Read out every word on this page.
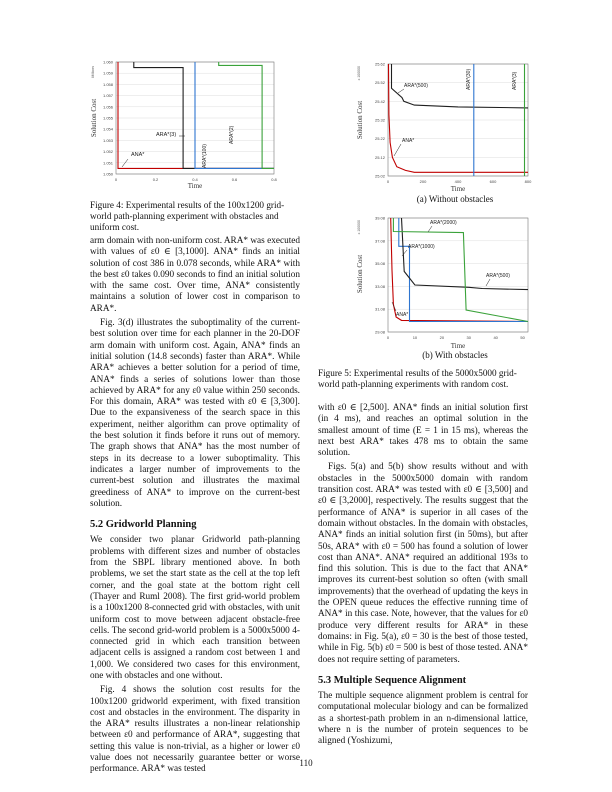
Millions
Solution Cost
Time
ARA*(3)
ANA*	ARA*(100)
ARA*(2)
1.050
1.051
1.052
1.053
1.054
1.055
1.056
1.057
1.058
1.059
1.060
0	0.2	0.4	0.6	0.8
Figure 4: Experimental results of the 100x1200 grid-world path-planning experiment with obstacles and uniform cost.
x 100000
Solution Cost
Time
ARA*(500)
ANA*
ARA*(30)	ARA*(3)
25.02
25.12
25.22
25.32
25.42
25.52
25.62
0	200	400	600	800
(a) Without obstacles
x 100000
Solution Cost
Time
ARA*(2000)
ARA*(1000)
ARA*(500)
ANA*
29.08
31.08
33.08
35.08
37.08
39.08
0	10	20	30	40	50
(b) With obstacles
Figure 5: Experimental results of the 5000x5000 grid-world path-planning experiments with random cost.

arm domain with non-uniform cost. ARA* was executed with values of ε0 ∈ [3,1000]. ANA* finds an initial solution of cost 386 in 0.078 seconds, while ARA* with the best ε0 takes 0.090 seconds to find an initial solution with the same cost. Over time, ANA* consistently maintains a solution of lower cost in comparison to ARA*.

Fig. 3(d) illustrates the suboptimality of the current-best solution over time for each planner in the 20-DOF arm domain with uniform cost. Again, ANA* finds an initial solution (14.8 seconds) faster than ARA*. While ARA* achieves a better solution for a period of time, ANA* finds a series of solutions lower than those achieved by ARA* for any ε0 value within 250 seconds. For this domain, ARA* was tested with ε0 ∈ [3,300]. Due to the expansiveness of the search space in this experiment, neither algorithm can prove optimality of the best solution it finds before it runs out of memory. The graph shows that ANA* has the most number of steps in its decrease to a lower suboptimality. This indicates a larger number of improvements to the current-best solution and illustrates the maximal greediness of ANA* to improve on the current-best solution.

5.2 Gridworld Planning

We consider two planar Gridworld path-planning problems with different sizes and number of obstacles from the SBPL library mentioned above. In both problems, we set the start state as the cell at the top left corner, and the goal state at the bottom right cell (Thayer and Ruml 2008). The first grid-world problem is a 100x1200 8-connected grid with obstacles, with unit uniform cost to move between adjacent obstacle-free cells. The second grid-world problem is a 5000x5000 4-connected grid in which each transition between adjacent cells is assigned a random cost between 1 and 1,000. We considered two cases for this environment, one with obstacles and one without.

Fig. 4 shows the solution cost results for the 100x1200 gridworld experiment, with fixed transition cost and obstacles in the environment. The disparity in the ARA* results illustrates a non-linear relationship between ε0 and performance of ARA*, suggesting that setting this value is non-trivial, as a higher or lower ε0 value does not necessarily guarantee better or worse performance. ARA* was tested

with ε0 ∈ [2,500]. ANA* finds an initial solution first (in 4 ms), and reaches an optimal solution in the smallest amount of time (E = 1 in 15 ms), whereas the next best ARA* takes 478 ms to obtain the same solution.

Figs. 5(a) and 5(b) show results without and with obstacles in the 5000x5000 domain with random transition cost. ARA* was tested with ε0 ∈ [3,500] and ε0 ∈ [3,2000], respectively. The results suggest that the performance of ANA* is superior in all cases of the domain without obstacles. In the domain with obstacles, ANA* finds an initial solution first (in 50ms), but after 50s, ARA* with ε0 = 500 has found a solution of lower cost than ANA*. ANA* required an additional 193s to find this solution. This is due to the fact that ANA* improves its current-best solution so often (with small improvements) that the overhead of updating the keys in the OPEN queue reduces the effective running time of ANA* in this case. Note, however, that the values for ε0 produce very different results for ARA* in these domains: in Fig. 5(a), ε0 = 30 is the best of those tested, while in Fig. 5(b) ε0 = 500 is best of those tested. ANA* does not require setting of parameters.

5.3 Multiple Sequence Alignment

The multiple sequence alignment problem is central for computational molecular biology and can be formalized as a shortest-path problem in an n-dimensional lattice, where n is the number of protein sequences to be aligned (Yoshizumi,

110
